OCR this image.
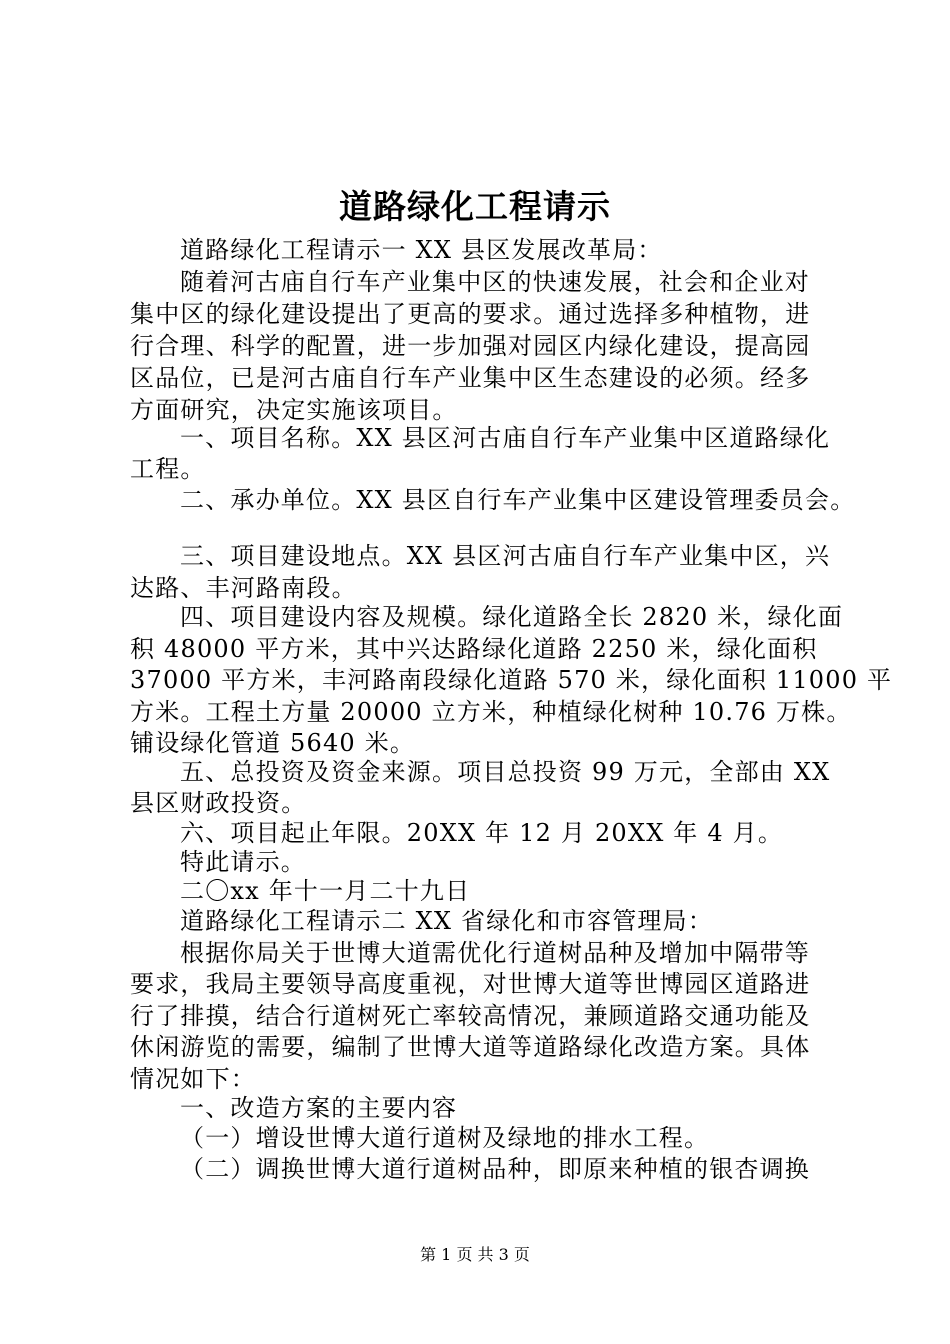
道路绿化工程请示
道路绿化工程请示一 XX 县区发展改革局：
随着河古庙自行车产业集中区的快速发展，社会和企业对
集中区的绿化建设提出了更高的要求。通过选择多种植物，进
行合理、科学的配置，进一步加强对园区内绿化建设，提高园
区品位，已是河古庙自行车产业集中区生态建设的必须。经多
方面研究，决定实施该项目。
一、项目名称。XX 县区河古庙自行车产业集中区道路绿化
工程。
二、承办单位。XX 县区自行车产业集中区建设管理委员会。
三、项目建设地点。XX 县区河古庙自行车产业集中区，兴
达路、丰河路南段。
四、项目建设内容及规模。绿化道路全长 2820 米，绿化面
积 48000 平方米，其中兴达路绿化道路 2250 米，绿化面积
37000 平方米，丰河路南段绿化道路 570 米，绿化面积 11000 平
方米。工程土方量 20000 立方米，种植绿化树种 10.76 万株。
铺设绿化管道 5640 米。
五、总投资及资金来源。项目总投资 99 万元，全部由 XX
县区财政投资。
六、项目起止年限。20XX 年 12 月 20XX 年 4 月。
特此请示。
二〇xx 年十一月二十九日
道路绿化工程请示二 XX 省绿化和市容管理局：
根据你局关于世博大道需优化行道树品种及增加中隔带等
要求，我局主要领导高度重视，对世博大道等世博园区道路进
行了排摸，结合行道树死亡率较高情况，兼顾道路交通功能及
休闲游览的需要，编制了世博大道等道路绿化改造方案。具体
情况如下：
一、改造方案的主要内容
（一）增设世博大道行道树及绿地的排水工程。
（二）调换世博大道行道树品种，即原来种植的银杏调换
第 1 页 共 3 页
